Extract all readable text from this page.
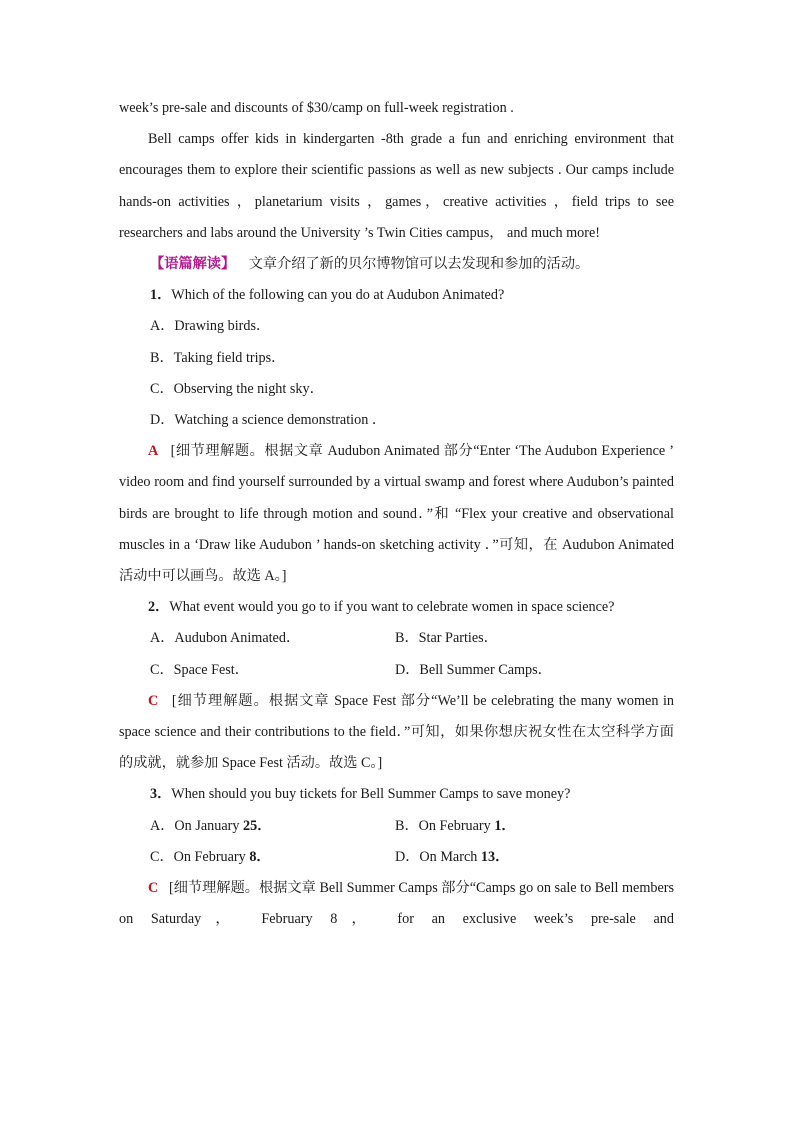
week’s pre‑sale and discounts of $30/camp on full‑week registration .

Bell camps offer kids in kindergarten ‑8th grade a fun and enriching environment that encourages them to explore their scientific passions as well as new subjects . Our camps include hands‑on activities ，planetarium visits ，games，creative activities ，field trips to see researchers and labs around the University ’s Twin Cities campus， and much more!

【语篇解读】 文章介绍了新的贝尔博物馆可以去发现和参加的活动。

1．Which of the following can you do at Audubon Animated?

A．Drawing birds．

B．Taking field trips．

C．Observing the night sky．

D．Watching a science demonstration ．

A [细节理解题。根据文章 Audubon Animated 部分“Enter ‘The Audubon Experience ’ video room and find yourself surrounded by a virtual swamp and forest where Audubon’s painted birds are brought to life through motion and sound．”和 “Flex your creative and observational muscles in a ‘Draw like Audubon ’ hands‑on sketching activity ．”可知，在 Audubon Animated 活动中可以画鸟。故选 A。]

2．What event would you go to if you want to celebrate women in space science?

A．Audubon Animated．	B．Star Parties．
C．Space Fest．	D．Bell Summer Camps．

C [细节理解题。根据文章 Space Fest 部分“We’ll be celebrating the many women in space science and their contributions to the field．”可知，如果你想庆祝女性在太空科学方面的成就，就参加 Space Fest 活动。故选 C。]

3．When should you buy tickets for Bell Summer Camps to save money?

A．On January 25．	B．On February 1．
C．On February 8．	D．On March 13．

C [细节理解题。根据文章 Bell Summer Camps 部分“Camps go on sale to Bell members on Saturday， February 8， for an exclusive week’s pre‑sale and
